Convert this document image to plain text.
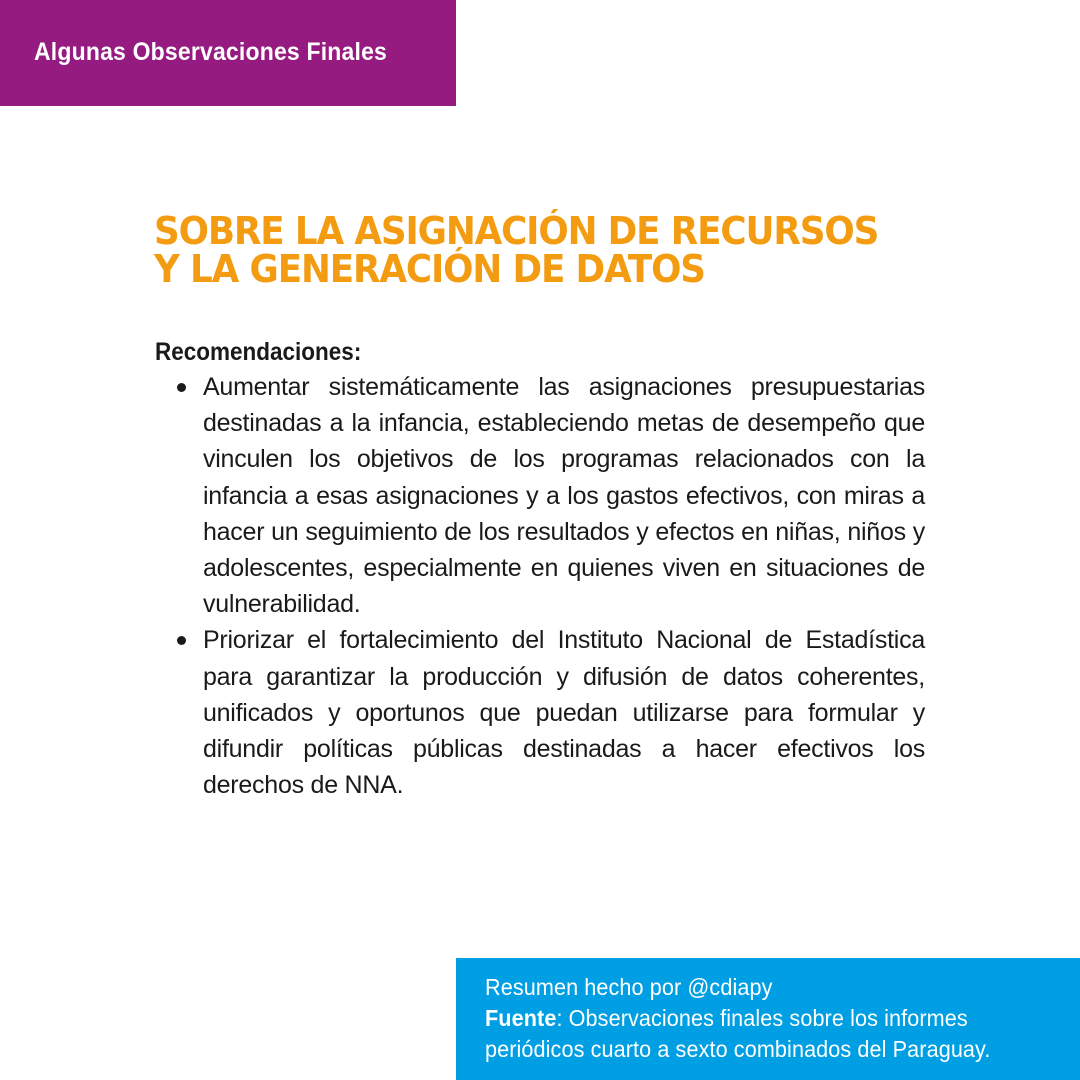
Algunas Observaciones Finales
SOBRE LA ASIGNACIÓN DE RECURSOS
Y LA GENERACIÓN DE DATOS
Recomendaciones:
Aumentar sistemáticamente las asignaciones presupuestarias destinadas a la infancia, estableciendo metas de desempeño que vinculen los objetivos de los programas relacionados con la infancia a esas asignaciones y a los gastos efectivos, con miras a hacer un seguimiento de los resultados y efectos en niñas, niños y adolescentes, especialmente en quienes viven en situaciones de vulnerabilidad.
Priorizar el fortalecimiento del Instituto Nacional de Estadística para garantizar la producción y difusión de datos coherentes, unificados y oportunos que puedan utilizarse para formular y difundir políticas públicas destinadas a hacer efectivos los derechos de NNA.
Resumen hecho por @cdiapy
Fuente: Observaciones finales sobre los informes
periódicos cuarto a sexto combinados del Paraguay.
